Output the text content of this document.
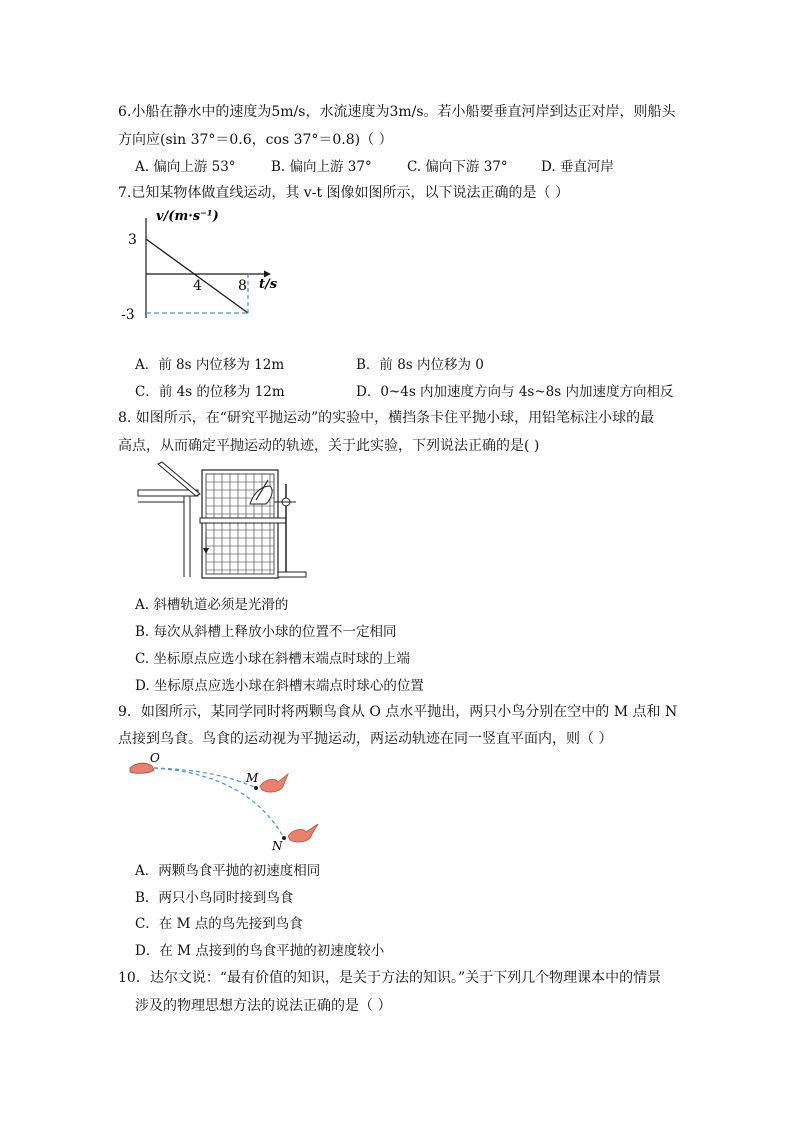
6.小船在静水中的速度为5m/s，水流速度为3m/s。若小船要垂直河岸到达正对岸，则船头
方向应(sin 37°＝0.6，cos 37°＝0.8)（ ）
A. 偏向上游 53°	B. 偏向上游 37°	C. 偏向下游 37° D. 垂直河岸
7.已知某物体做直线运动，其 v-t 图像如图所示，以下说法正确的是（ ）
v/(m·s⁻¹)
3
-3
4	8 t/s
A．前 8s 内位移为 12m	B．前 8s 内位移为 0
C．前 4s 的位移为 12m	D．0~4s 内加速度方向与 4s~8s 内加速度方向相反
8. 如图所示，在“研究平抛运动”的实验中，横挡条卡住平抛小球，用铅笔标注小球的最
高点，从而确定平抛运动的轨迹，关于此实验，下列说法正确的是( )
A. 斜槽轨道必须是光滑的
B. 每次从斜槽上释放小球的位置不一定相同
C. 坐标原点应选小球在斜槽末端点时球的上端
D. 坐标原点应选小球在斜槽末端点时球心的位置
9．如图所示，某同学同时将两颗鸟食从 O 点水平抛出，两只小鸟分别在空中的 M 点和 N
点接到鸟食。鸟食的运动视为平抛运动，两运动轨迹在同一竖直平面内，则（ ）
O
M
N
A．两颗鸟食平抛的初速度相同
B．两只小鸟同时接到鸟食
C．在 M 点的鸟先接到鸟食
D．在 M 点接到的鸟食平抛的初速度较小
10．达尔文说：“最有价值的知识，是关于方法的知识。”关于下列几个物理课本中的情景
涉及的物理思想方法的说法正确的是（ ）
